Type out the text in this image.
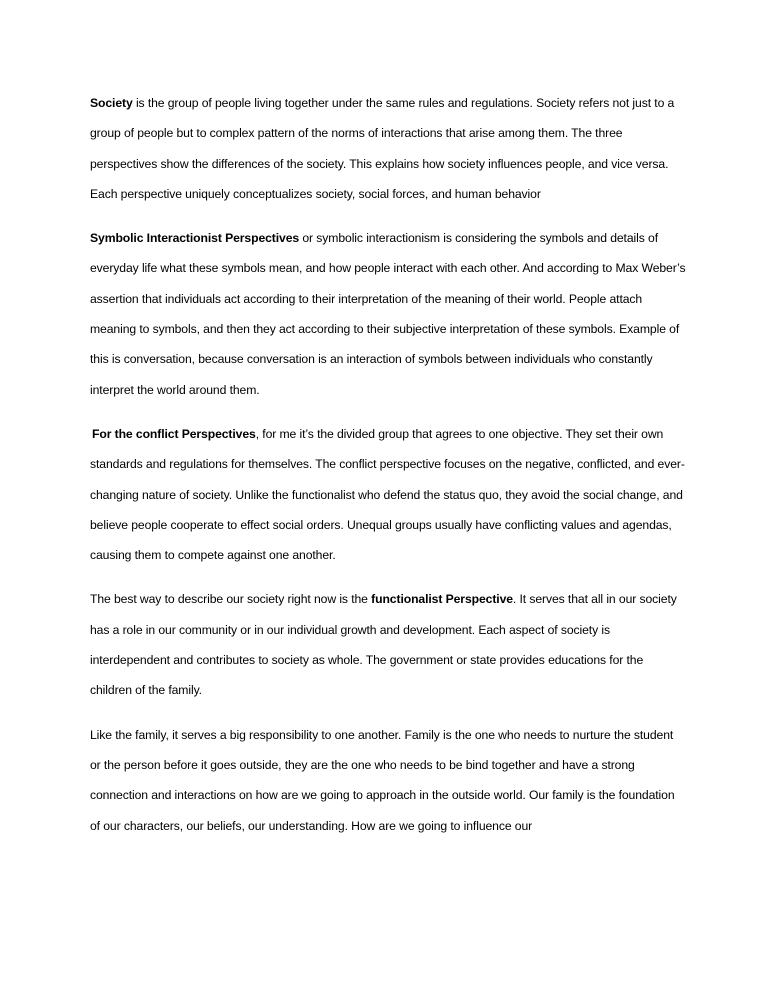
Society is the group of people living together under the same rules and regulations. Society refers not just to a group of people but to complex pattern of the norms of interactions that arise among them. The three perspectives show the differences of the society. This explains how society influences people, and vice versa. Each perspective uniquely conceptualizes society, social forces, and human behavior

Symbolic Interactionist Perspectives or symbolic interactionism is considering the symbols and details of everyday life what these symbols mean, and how people interact with each other. And according to Max Weber’s assertion that individuals act according to their interpretation of the meaning of their world. People attach meaning to symbols, and then they act according to their subjective interpretation of these symbols. Example of this is conversation, because conversation is an interaction of symbols between individuals who constantly interpret the world around them.

For the conflict Perspectives, for me it’s the divided group that agrees to one objective. They set their own standards and regulations for themselves. The conflict perspective focuses on the negative, conflicted, and ever-changing nature of society. Unlike the functionalist who defend the status quo, they avoid the social change, and believe people cooperate to effect social orders. Unequal groups usually have conflicting values and agendas, causing them to compete against one another.

The best way to describe our society right now is the functionalist Perspective. It serves that all in our society has a role in our community or in our individual growth and development. Each aspect of society is interdependent and contributes to society as whole. The government or state provides educations for the children of the family.

Like the family, it serves a big responsibility to one another. Family is the one who needs to nurture the student or the person before it goes outside, they are the one who needs to be bind together and have a strong connection and interactions on how are we going to approach in the outside world. Our family is the foundation of our characters, our beliefs, our understanding. How are we going to influence our
